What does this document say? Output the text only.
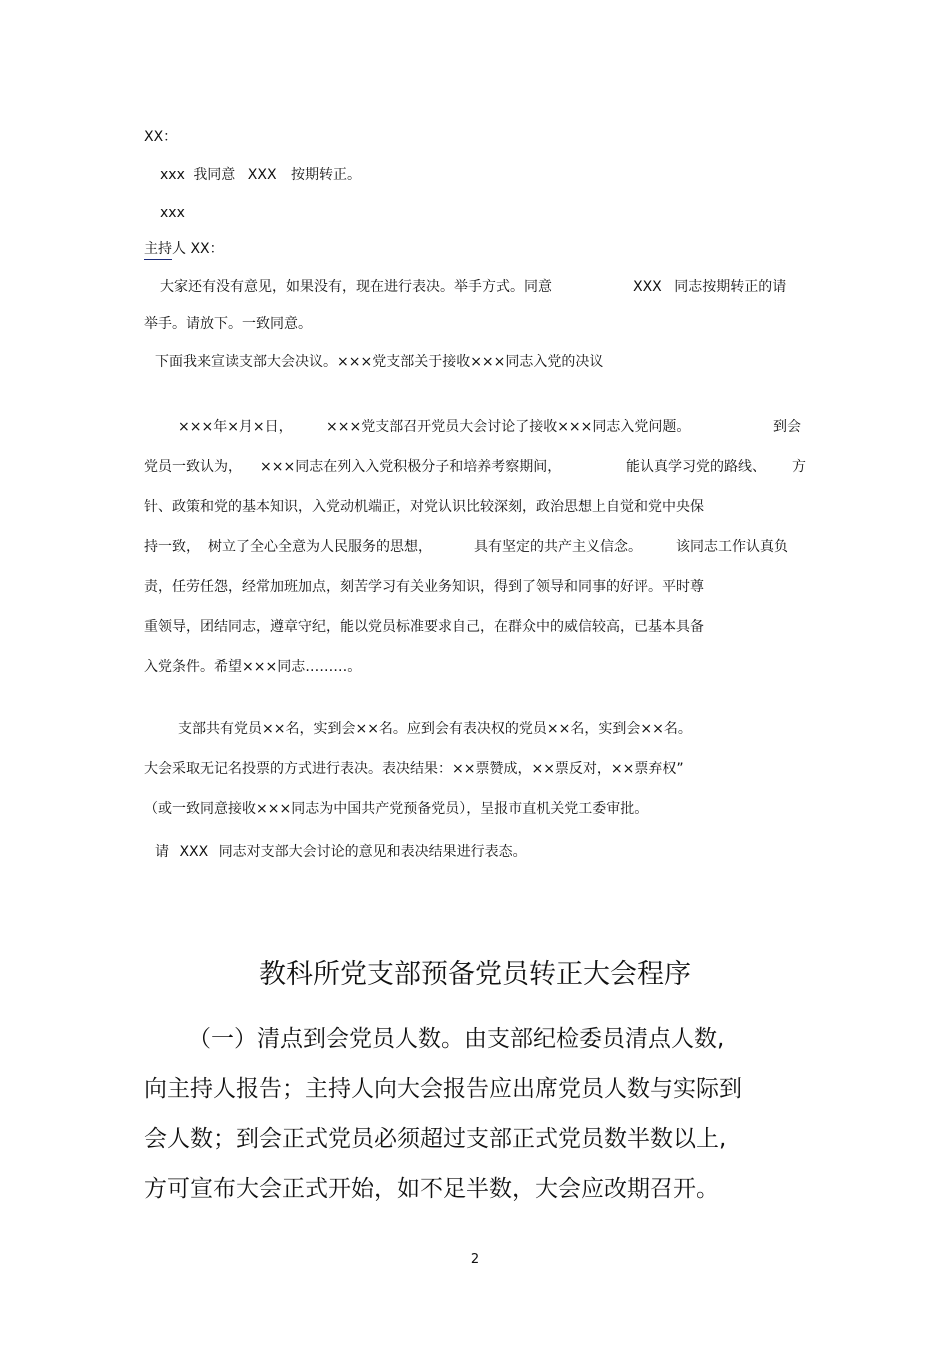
XX：
xxx 我同意 XXX 按期转正。
xxx
主持人 XX：
大家还有没有意见，如果没有，现在进行表决。举手方式。同意	XXX 同志按期转正的请
举手。请放下。一致同意。
下面我来宣读支部大会决议。×××党支部关于接收×××同志入党的决议
×××年×月×日， ×××党支部召开党员大会讨论了接收×××同志入党问题。	到会
党员一致认为， ×××同志在列入入党积极分子和培养考察期间，	能认真学习党的路线、 方
针、政策和党的基本知识，入党动机端正，对党认识比较深刻，政治思想上自觉和党中央保
持一致， 树立了全心全意为人民服务的思想，	具有坚定的共产主义信念。 该同志工作认真负
责，任劳任怨，经常加班加点，刻苦学习有关业务知识，得到了领导和同事的好评。平时尊
重领导，团结同志，遵章守纪，能以党员标准要求自己，在群众中的威信较高，已基本具备
入党条件。希望×××同志………。
支部共有党员××名，实到会××名。应到会有表决权的党员××名，实到会××名。
大会采取无记名投票的方式进行表决。表决结果：××票赞成，××票反对，××票弃权”
（或一致同意接收×××同志为中国共产党预备党员），呈报市直机关党工委审批。
请 XXX 同志对支部大会讨论的意见和表决结果进行表态。
教科所党支部预备党员转正大会程序
（一）清点到会党员人数。由支部纪检委员清点人数,
向主持人报告；主持人向大会报告应出席党员人数与实际到
会人数；到会正式党员必须超过支部正式党员数半数以上,
方可宣布大会正式开始，如不足半数，大会应改期召开。
2
